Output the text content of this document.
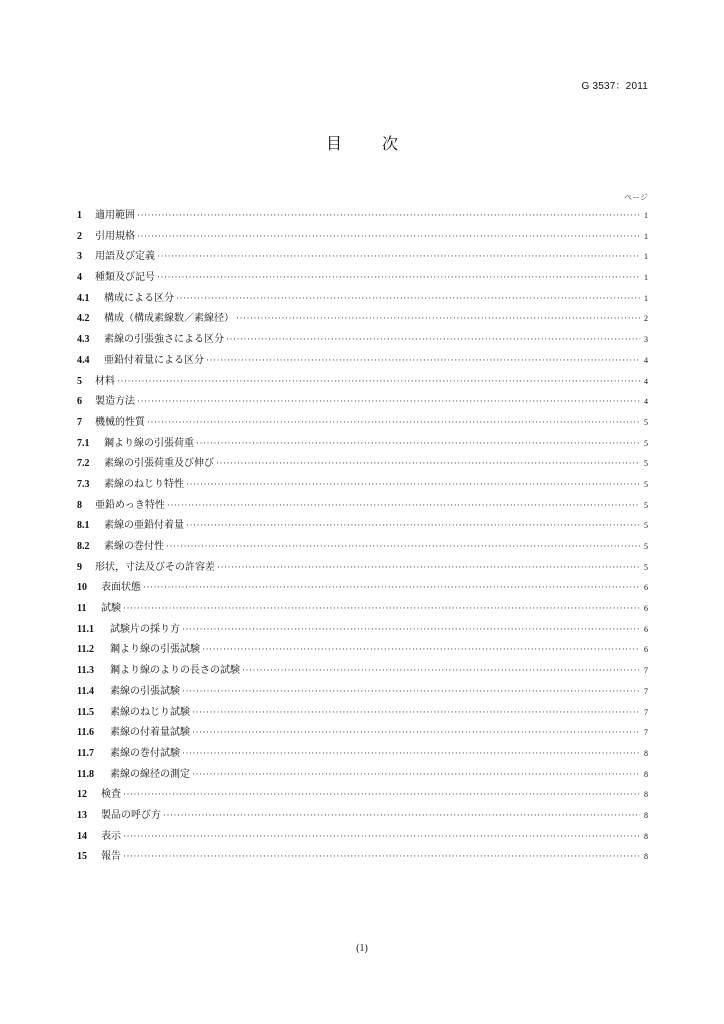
G 3537：2011
目　次
ページ
1	適用範囲 ·····	1
2	引用規格 ·····	1
3	用語及び定義 ·····	1
4	種類及び記号 ·····	1
4.1	構成による区分 ·····	1
4.2	構成（構成素線数／素線径） ·····	2
4.3	素線の引張強さによる区分 ·····	3
4.4	亜鉛付着量による区分 ·····	4
5	材料 ·····	4
6	製造方法 ·····	4
7	機械的性質 ·····	5
7.1	鋼より線の引張荷重 ·····	5
7.2	素線の引張荷重及び伸び ·····	5
7.3	素線のねじり特性 ·····	5
8	亜鉛めっき特性 ·····	5
8.1	素線の亜鉛付着量 ·····	5
8.2	素線の巻付性 ·····	5
9	形状，寸法及びその許容差 ·····	5
10	表面状態 ·····	6
11	試験 ·····	6
11.1	試験片の採り方 ·····	6
11.2	鋼より線の引張試験 ·····	6
11.3	鋼より線のよりの長さの試験 ·····	7
11.4	素線の引張試験 ·····	7
11.5	素線のねじり試験 ·····	7
11.6	素線の付着量試験 ·····	7
11.7	素線の巻付試験 ·····	8
11.8	素線の線径の測定 ·····	8
12	検査 ·····	8
13	製品の呼び方 ·····	8
14	表示 ·····	8
15	報告 ·····	8
(1)
